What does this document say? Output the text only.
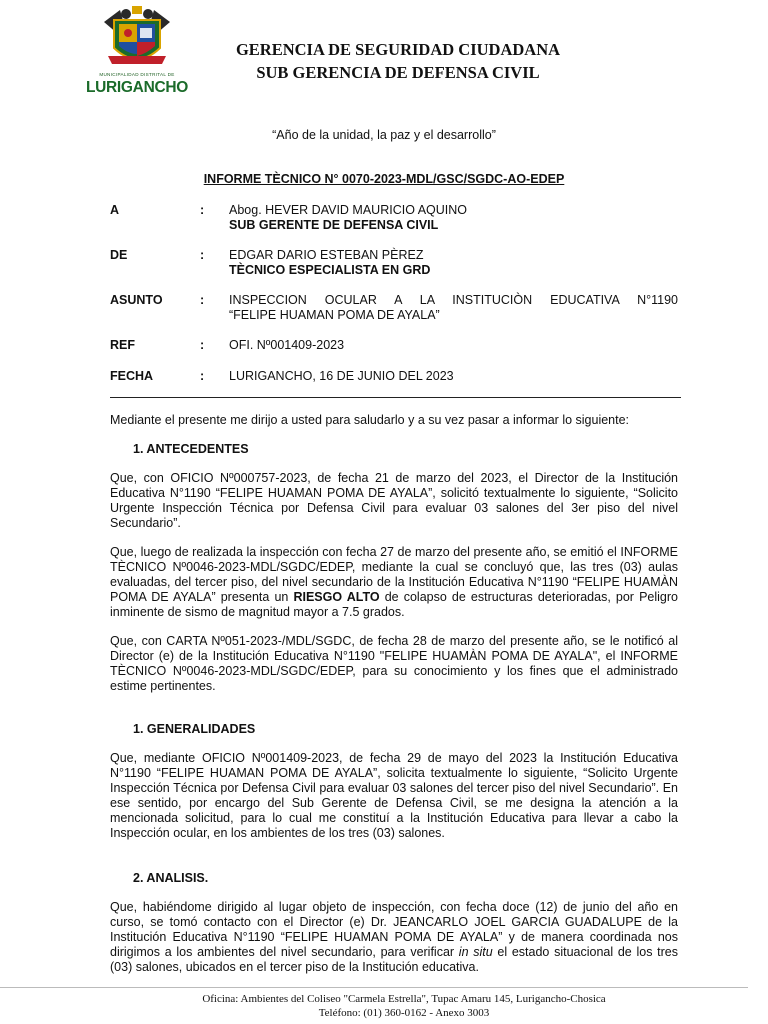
MUNICIPALIDAD DISTRITAL DE
LURIGANCHO
GERENCIA DE SEGURIDAD CIUDADANA
SUB GERENCIA DE DEFENSA CIVIL
“Año de la unidad, la paz y el desarrollo”
INFORME TÈCNICO N° 0070-2023-MDL/GSC/SGDC-AO-EDEP
A	: Abog. HEVER DAVID MAURICIO AQUINO
SUB GERENTE DE DEFENSA CIVIL
DE	: EDGAR DARIO ESTEBAN PÈREZ
TÈCNICO ESPECIALISTA EN GRD
ASUNTO	: INSPECCION OCULAR A LA INSTITUCIÒN EDUCATIVA N°1190
“FELIPE HUAMAN POMA DE AYALA”
REF	: OFI. Nº001409-2023
FECHA	: LURIGANCHO, 16 DE JUNIO DEL 2023
Mediante el presente me dirijo a usted para saludarlo y a su vez pasar a informar lo siguiente:
1. ANTECEDENTES
Que, con OFICIO Nº000757-2023, de fecha 21 de marzo del 2023, el Director de la Institución Educativa N°1190 “FELIPE HUAMAN POMA DE AYALA”, solicitó textualmente lo siguiente, “Solicito Urgente Inspección Técnica por Defensa Civil para evaluar 03 salones del 3er piso del nivel Secundario”.
Que, luego de realizada la inspección con fecha 27 de marzo del presente año, se emitió el INFORME TÈCNICO Nº0046-2023-MDL/SGDC/EDEP, mediante la cual se concluyó que, las tres (03) aulas evaluadas, del tercer piso, del nivel secundario de la Institución Educativa N°1190 “FELIPE HUAMÀN POMA DE AYALA” presenta un RIESGO ALTO de colapso de estructuras deterioradas, por Peligro inminente de sismo de magnitud mayor a 7.5 grados.
Que, con CARTA Nº051-2023-/MDL/SGDC, de fecha 28 de marzo del presente año, se le notificó al Director (e) de la Institución Educativa N°1190 "FELIPE HUAMÀN POMA DE AYALA", el INFORME TÈCNICO Nº0046-2023-MDL/SGDC/EDEP, para su conocimiento y los fines que el administrado estime pertinentes.
1. GENERALIDADES
Que, mediante OFICIO Nº001409-2023, de fecha 29 de mayo del 2023 la Institución Educativa N°1190 “FELIPE HUAMAN POMA DE AYALA”, solicita textualmente lo siguiente, “Solicito Urgente Inspección Técnica por Defensa Civil para evaluar 03 salones del tercer piso del nivel Secundario”. En ese sentido, por encargo del Sub Gerente de Defensa Civil, se me designa la atención a la mencionada solicitud, para lo cual me constituí a la Institución Educativa para llevar a cabo la Inspección ocular, en los ambientes de los tres (03) salones.
2. ANALISIS.
Que, habiéndome dirigido al lugar objeto de inspección, con fecha doce (12) de junio del año en curso, se tomó contacto con el Director (e) Dr. JEANCARLO JOEL GARCIA GUADALUPE de la Institución Educativa N°1190 “FELIPE HUAMAN POMA DE AYALA” y de manera coordinada nos dirigimos a los ambientes del nivel secundario, para verificar in situ el estado situacional de los tres (03) salones, ubicados en el tercer piso de la Institución educativa.
Oficina: Ambientes del Coliseo "Carmela Estrella", Tupac Amaru 145, Lurigancho-Chosica
Teléfono: (01) 360-0162 - Anexo 3003
